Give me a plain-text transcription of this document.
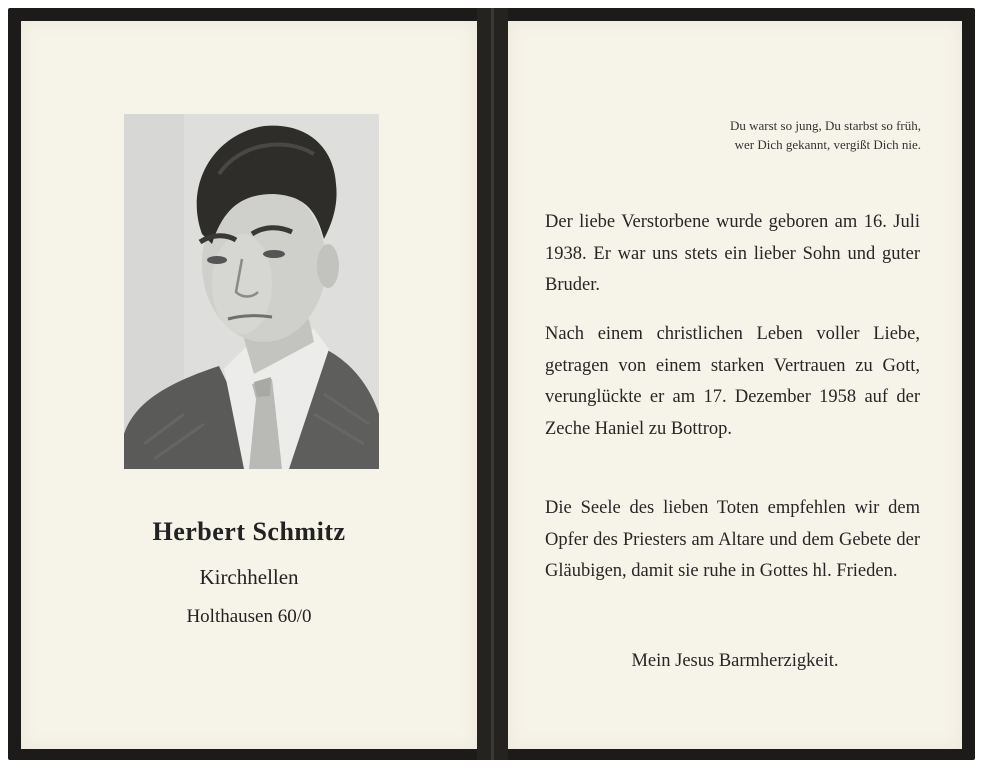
Herbert Schmitz
Kirchhellen
Holthausen 60/0
Du warst so jung, Du starbst so früh,
wer Dich gekannt, vergißt Dich nie.
Der liebe Verstorbene wurde geboren am 16. Juli 1938. Er war uns stets ein lieber Sohn und guter Bruder.
Nach einem christlichen Leben voller Liebe, getragen von einem starken Vertrauen zu Gott, verunglückte er am 17. Dezember 1958 auf der Zeche Haniel zu Bottrop.
Die Seele des lieben Toten empfehlen wir dem Opfer des Priesters am Altare und dem Gebete der Gläubigen, damit sie ruhe in Gottes hl. Frieden.
Mein Jesus Barmherzigkeit.
